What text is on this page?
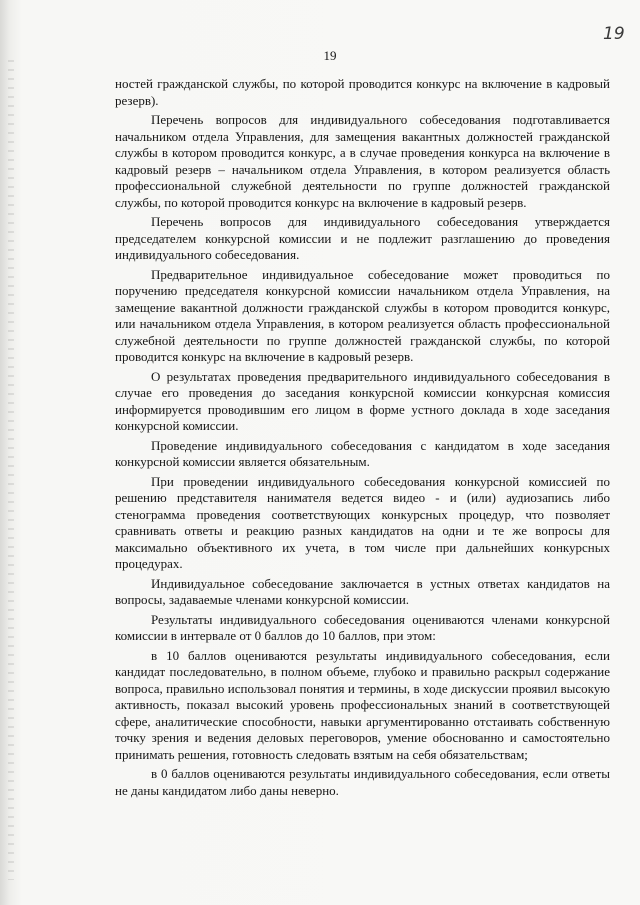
19
19

ностей гражданской службы, по которой проводится конкурс на включение в кадровый резерв).

Перечень вопросов для индивидуального собеседования подготавливается начальником отдела Управления, для замещения вакантных должностей гражданской службы в котором проводится конкурс, а в случае проведения конкурса на включение в кадровый резерв – начальником отдела Управления, в котором реализуется область профессиональной служебной деятельности по группе должностей гражданской службы, по которой проводится конкурс на включение в кадровый резерв.

Перечень вопросов для индивидуального собеседования утверждается председателем конкурсной комиссии и не подлежит разглашению до проведения индивидуального собеседования.

Предварительное индивидуальное собеседование может проводиться по поручению председателя конкурсной комиссии начальником отдела Управления, на замещение вакантной должности гражданской службы в котором проводится конкурс, или начальником отдела Управления, в котором реализуется область профессиональной служебной деятельности по группе должностей гражданской службы, по которой проводится конкурс на включение в кадровый резерв.

О результатах проведения предварительного индивидуального собеседования в случае его проведения до заседания конкурсной комиссии конкурсная комиссия информируется проводившим его лицом в форме устного доклада в ходе заседания конкурсной комиссии.

Проведение индивидуального собеседования с кандидатом в ходе заседания конкурсной комиссии является обязательным.

При проведении индивидуального собеседования конкурсной комиссией по решению представителя нанимателя ведется видео - и (или) аудиозапись либо стенограмма проведения соответствующих конкурсных процедур, что позволяет сравнивать ответы и реакцию разных кандидатов на одни и те же вопросы для максимально объективного их учета, в том числе при дальнейших конкурсных процедурах.

Индивидуальное собеседование заключается в устных ответах кандидатов на вопросы, задаваемые членами конкурсной комиссии.

Результаты индивидуального собеседования оцениваются членами конкурсной комиссии в интервале от 0 баллов до 10 баллов, при этом:

в 10 баллов оцениваются результаты индивидуального собеседования, если кандидат последовательно, в полном объеме, глубоко и правильно раскрыл содержание вопроса, правильно использовал понятия и термины, в ходе дискуссии проявил высокую активность, показал высокий уровень профессиональных знаний в соответствующей сфере, аналитические способности, навыки аргументированно отстаивать собственную точку зрения и ведения деловых переговоров, умение обоснованно и самостоятельно принимать решения, готовность следовать взятым на себя обязательствам;

в 0 баллов оцениваются результаты индивидуального собеседования, если ответы не даны кандидатом либо даны неверно.
